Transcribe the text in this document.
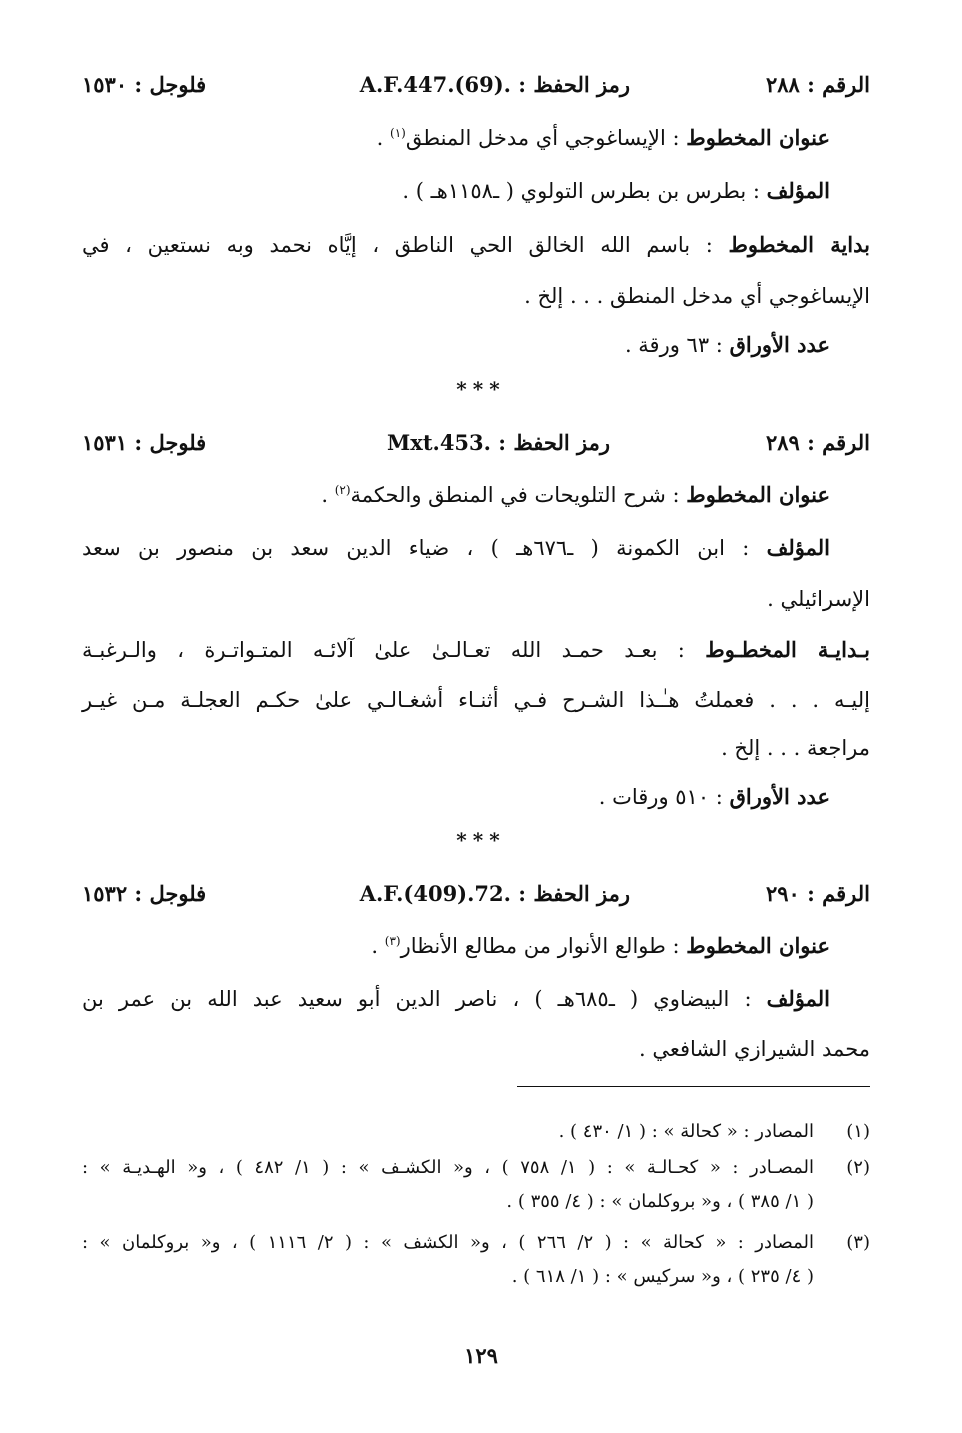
الرقم : ٢٨٨
رمز الحفظ : .A.F.447.(69)
فلوجل : ١٥٣٠
عنوان المخطوط : الإيساغوجي أي مدخل المنطق$^{(١)}$ .
المؤلف : بطرس بن بطرس التولوي ( ـ١١٥٨هـ ) .
بداية المخطوط : باسم الله الخالق الحي الناطق ، إيَّاه نحمد وبه نستعين ، في
الإيساغوجي أي مدخل المنطق . . . إلخ .
عدد الأوراق : ٦٣ ورقة .
***
الرقم : ٢٨٩
رمز الحفظ : .Mxt.453
فلوجل : ١٥٣١
عنوان المخطوط : شرح التلويحات في المنطق والحكمة$^{(٢)}$ .
المؤلف : ابن الكمونة ( ـ٦٧٦هـ ) ، ضياء الدين سعد بن منصور بن سعد
الإسرائيلي .
بـدايـة المخطـوط : بعـد حمـد الله تعـالـىٰ علىٰ آلائـه المتـواتـرة ، والـرغبـة
إليـه . . . فعملتُ هـٰـذا الشـرح فـي أثنـاء أشغـالـي علىٰ حكـم العجلـة مـن غيـر
مراجعة . . . إلخ .
عدد الأوراق : ٥١٠ ورقات .
***
الرقم : ٢٩٠
رمز الحفظ : .A.F.(409).72
فلوجل : ١٥٣٢
عنوان المخطوط : طوالع الأنوار من مطالع الأنظار$^{(٣)}$ .
المؤلف : البيضاوي ( ـ٦٨٥هـ ) ، ناصر الدين أبو سعيد عبد الله بن عمر بن
محمد الشيرازي الشافعي .
(١)
المصادر : « كحالة » : ( ١/ ٤٣٠ ) .
(٢)
المصـادر : « كحـالـة » : ( ١/ ٧٥٨ ) ، و« الكشـف » : ( ١/ ٤٨٢ ) ، و« الهـديـة » :
( ١/ ٣٨٥ ) ، و« بروكلمان » : ( ٤/ ٣٥٥ ) .
(٣)
المصادر : « كحالة » : ( ٢/ ٢٦٦ ) ، و« الكشف » : ( ٢/ ١١١٦ ) ، و« بروكلمان » :
( ٤/ ٢٣٥ ) ، و« سركيس » : ( ١/ ٦١٨ ) .
١٢٩
